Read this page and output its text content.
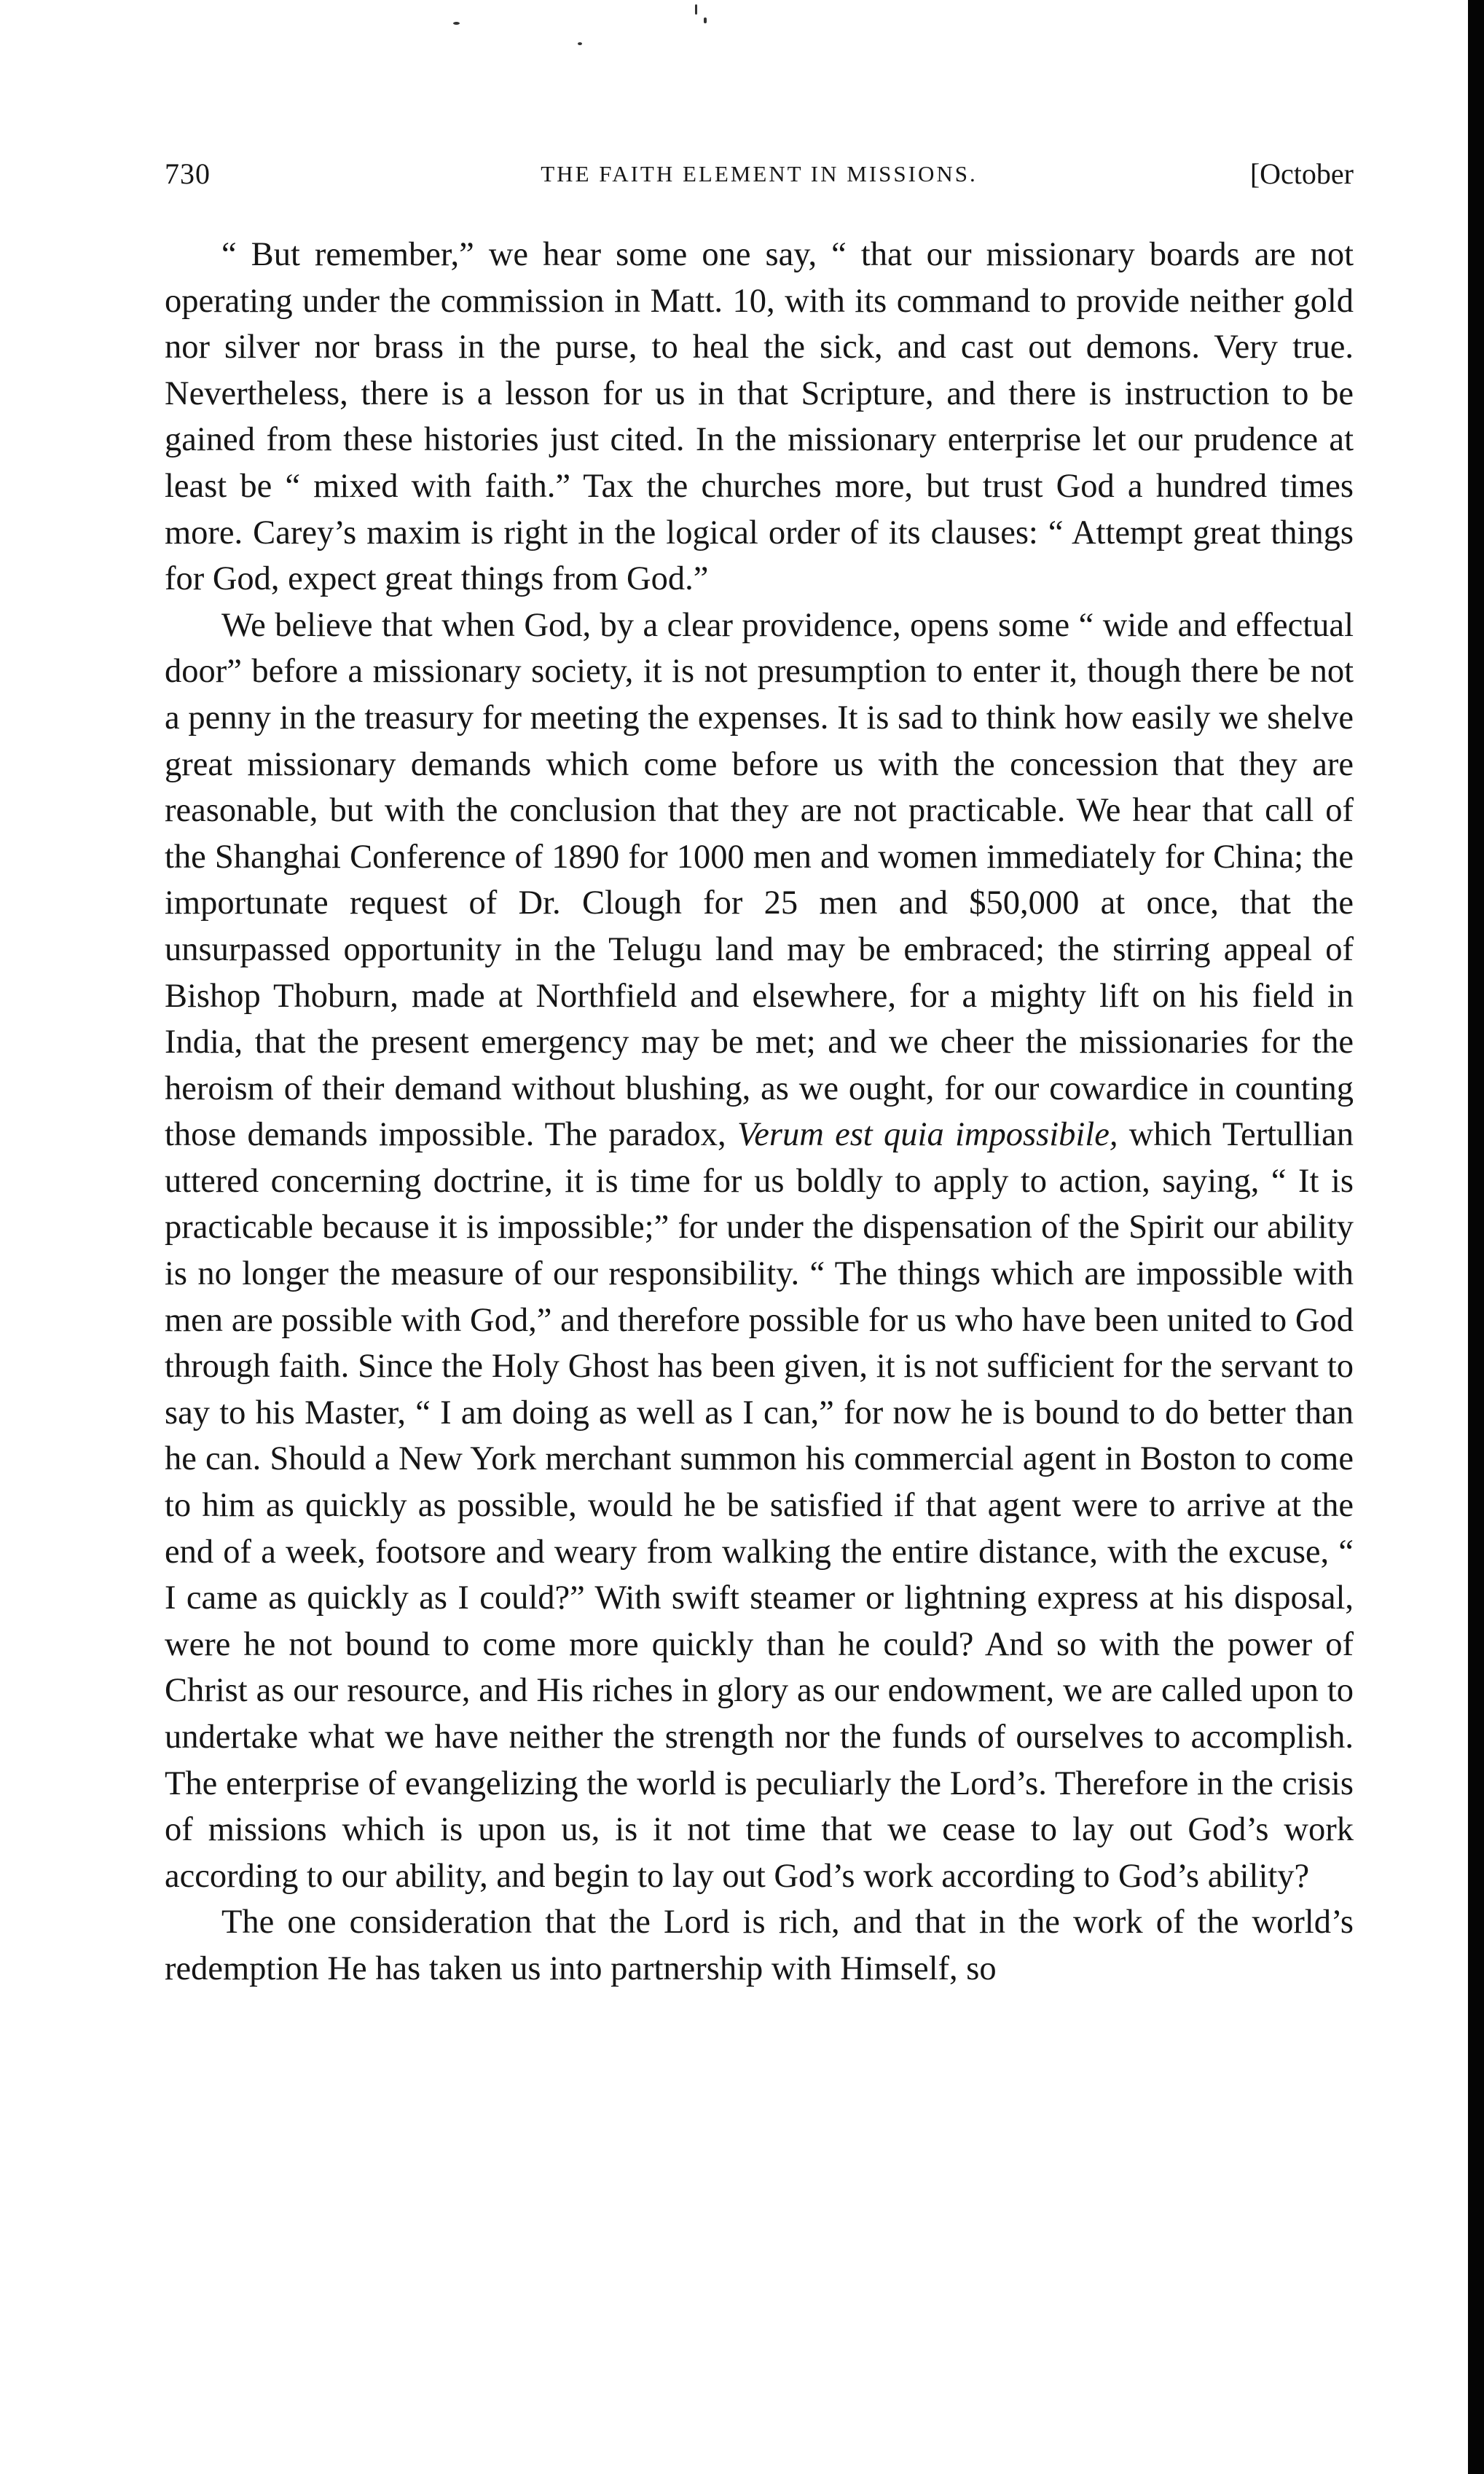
730	THE FAITH ELEMENT IN MISSIONS.	[October

“ But remember,” we hear some one say, “ that our missionary boards are not operating under the commission in Matt. 10, with its command to provide neither gold nor silver nor brass in the purse, to heal the sick, and cast out demons. Very true. Nevertheless, there is a lesson for us in that Scripture, and there is instruction to be gained from these histories just cited. In the missionary enterprise let our prudence at least be “ mixed with faith.” Tax the churches more, but trust God a hundred times more. Carey’s maxim is right in the logical order of its clauses: “ Attempt great things for God, expect great things from God.”

We believe that when God, by a clear providence, opens some “ wide and effectual door” before a missionary society, it is not presumption to enter it, though there be not a penny in the treasury for meeting the expenses. It is sad to think how easily we shelve great missionary demands which come before us with the concession that they are reasonable, but with the conclusion that they are not practicable. We hear that call of the Shanghai Conference of 1890 for 1000 men and women immediately for China; the importunate request of Dr. Clough for 25 men and $50,000 at once, that the unsurpassed opportunity in the Telugu land may be embraced; the stirring appeal of Bishop Thoburn, made at Northfield and elsewhere, for a mighty lift on his field in India, that the present emergency may be met; and we cheer the missionaries for the heroism of their demand without blushing, as we ought, for our cowardice in counting those demands impossible. The paradox, Verum est quia impossibile, which Tertullian uttered concerning doctrine, it is time for us boldly to apply to action, saying, “ It is practicable because it is impossible;” for under the dispensation of the Spirit our ability is no longer the measure of our responsibility. “ The things which are impossible with men are possible with God,” and therefore possible for us who have been united to God through faith. Since the Holy Ghost has been given, it is not sufficient for the servant to say to his Master, “ I am doing as well as I can,” for now he is bound to do better than he can. Should a New York merchant summon his commercial agent in Boston to come to him as quickly as possible, would he be satisfied if that agent were to arrive at the end of a week, footsore and weary from walking the entire distance, with the excuse, “ I came as quickly as I could?” With swift steamer or lightning express at his disposal, were he not bound to come more quickly than he could? And so with the power of Christ as our resource, and His riches in glory as our endowment, we are called upon to undertake what we have neither the strength nor the funds of ourselves to accomplish. The enterprise of evangelizing the world is peculiarly the Lord’s. Therefore in the crisis of missions which is upon us, is it not time that we cease to lay out God’s work according to our ability, and begin to lay out God’s work according to God’s ability?

The one consideration that the Lord is rich, and that in the work of the world’s redemption He has taken us into partnership with Himself, so
